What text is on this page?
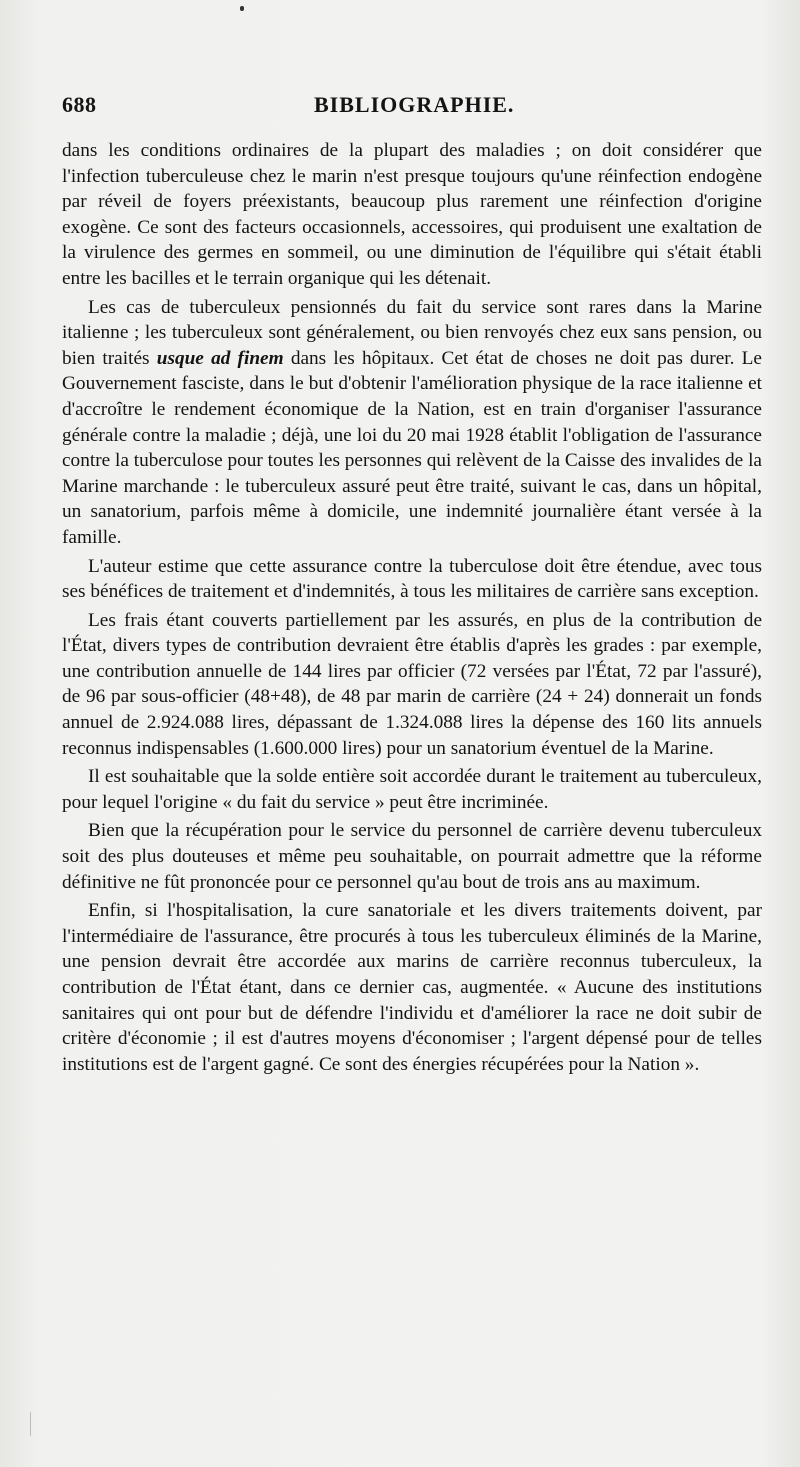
688	BIBLIOGRAPHIE.

dans les conditions ordinaires de la plupart des maladies ; on doit considérer que l'infection tuberculeuse chez le marin n'est presque toujours qu'une réinfection endogène par réveil de foyers préexistants, beaucoup plus rarement une réinfection d'origine exogène. Ce sont des facteurs occasionnels, accessoires, qui produisent une exaltation de la virulence des germes en sommeil, ou une diminution de l'équilibre qui s'était établi entre les bacilles et le terrain organique qui les détenait.

Les cas de tuberculeux pensionnés du fait du service sont rares dans la Marine italienne ; les tuberculeux sont généralement, ou bien renvoyés chez eux sans pension, ou bien traités usque ad finem dans les hôpitaux. Cet état de choses ne doit pas durer. Le Gouvernement fasciste, dans le but d'obtenir l'amélioration physique de la race italienne et d'accroître le rendement économique de la Nation, est en train d'organiser l'assurance générale contre la maladie ; déjà, une loi du 20 mai 1928 établit l'obligation de l'assurance contre la tuberculose pour toutes les personnes qui relèvent de la Caisse des invalides de la Marine marchande : le tuberculeux assuré peut être traité, suivant le cas, dans un hôpital, un sanatorium, parfois même à domicile, une indemnité journalière étant versée à la famille.

L'auteur estime que cette assurance contre la tuberculose doit être étendue, avec tous ses bénéfices de traitement et d'indemnités, à tous les militaires de carrière sans exception.

Les frais étant couverts partiellement par les assurés, en plus de la contribution de l'État, divers types de contribution devraient être établis d'après les grades : par exemple, une contribution annuelle de 144 lires par officier (72 versées par l'État, 72 par l'assuré), de 96 par sous-officier (48+48), de 48 par marin de carrière (24 + 24) donnerait un fonds annuel de 2.924.088 lires, dépassant de 1.324.088 lires la dépense des 160 lits annuels reconnus indispensables (1.600.000 lires) pour un sanatorium éventuel de la Marine.

Il est souhaitable que la solde entière soit accordée durant le traitement au tuberculeux, pour lequel l'origine « du fait du service » peut être incriminée.

Bien que la récupération pour le service du personnel de carrière devenu tuberculeux soit des plus douteuses et même peu souhaitable, on pourrait admettre que la réforme définitive ne fût prononcée pour ce personnel qu'au bout de trois ans au maximum.

Enfin, si l'hospitalisation, la cure sanatoriale et les divers traitements doivent, par l'intermédiaire de l'assurance, être procurés à tous les tuberculeux éliminés de la Marine, une pension devrait être accordée aux marins de carrière reconnus tuberculeux, la contribution de l'État étant, dans ce dernier cas, augmentée. « Aucune des institutions sanitaires qui ont pour but de défendre l'individu et d'améliorer la race ne doit subir de critère d'économie ; il est d'autres moyens d'économiser ; l'argent dépensé pour de telles institutions est de l'argent gagné. Ce sont des énergies récupérées pour la Nation ».
